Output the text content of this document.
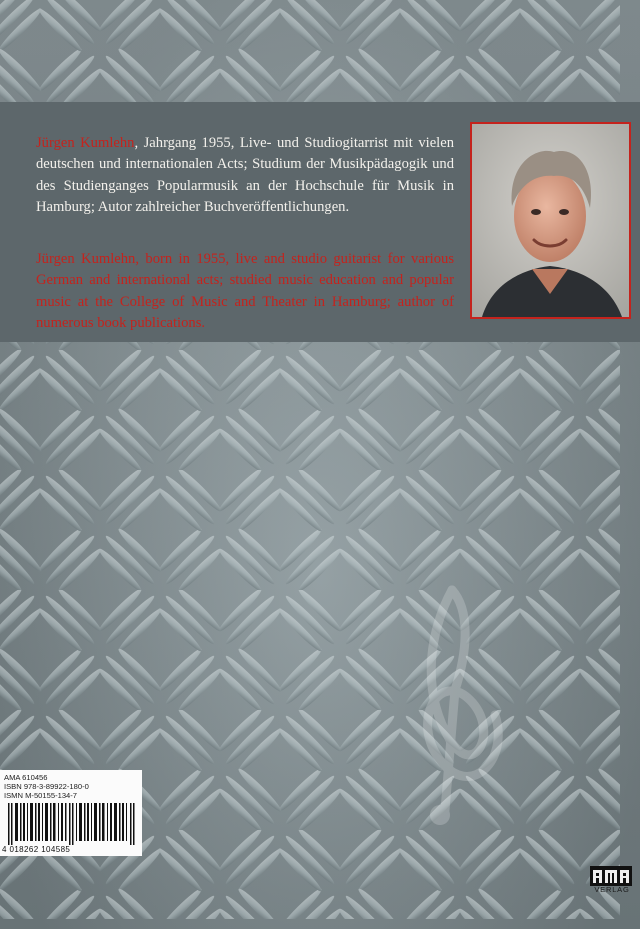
Jürgen Kumlehn, Jahrgang 1955, Live- und Studiogitarrist mit vielen deutschen und internationalen Acts; Studium der Musikpädagogik und des Studienganges Popularmusik an der Hochschule für Musik in Hamburg; Autor zahlreicher Buchveröffentlichungen.

Jürgen Kumlehn, born in 1955, live and studio guitarist for various German and international acts; studied music education and popular music at the College of Music and Theater in Hamburg; author of numerous book publications.

AMA 610456
ISBN 978-3-89922-180-0
ISMN M-50155-134-7
4 018262 104585
VERLAG
